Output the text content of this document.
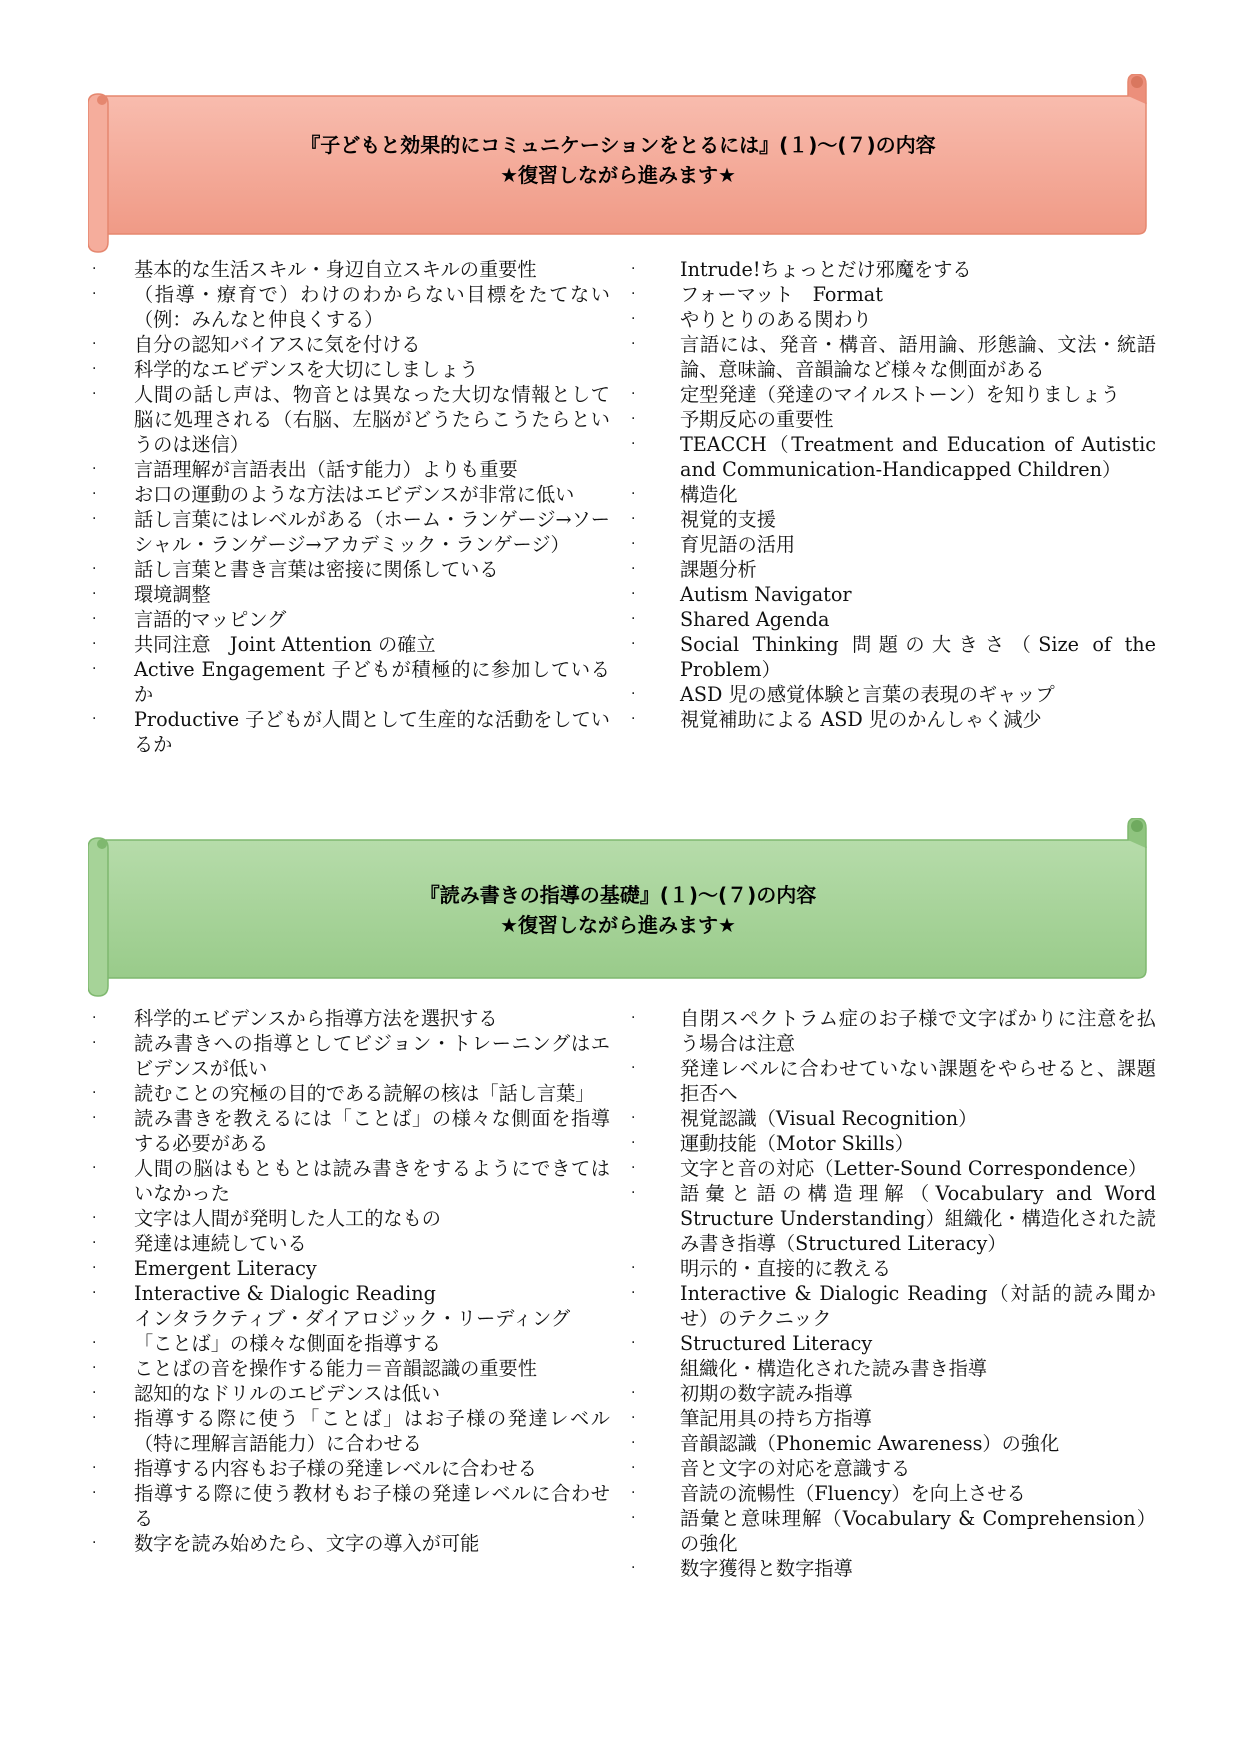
『子どもと効果的にコミュニケーションをとるには』(１)～(７)の内容
★復習しながら進みます★
· 基本的な生活スキル・身辺自立スキルの重要性
· （指導・療育で）わけのわからない目標をたてない（例：みんなと仲良くする）
· 自分の認知バイアスに気を付ける
· 科学的なエビデンスを大切にしましょう
· 人間の話し声は、物音とは異なった大切な情報として脳に処理される（右脳、左脳がどうたらこうたらというのは迷信）
· 言語理解が言語表出（話す能力）よりも重要
· お口の運動のような方法はエビデンスが非常に低い
· 話し言葉にはレベルがある（ホーム・ランゲージ→ソーシャル・ランゲージ→アカデミック・ランゲージ）
· 話し言葉と書き言葉は密接に関係している
· 環境調整
· 言語的マッピング
· 共同注意　Joint Attention の確立
· Active Engagement 子どもが積極的に参加しているか
· Productive 子どもが人間として生産的な活動をしているか
· Intrude!ちょっとだけ邪魔をする
· フォーマット　Format
· やりとりのある関わり
· 言語には、発音・構音、語用論、形態論、文法・統語論、意味論、音韻論など様々な側面がある
· 定型発達（発達のマイルストーン）を知りましょう
· 予期反応の重要性
· TEACCH（Treatment and Education of Autistic and Communication-Handicapped Children）
· 構造化
· 視覚的支援
· 育児語の活用
· 課題分析
· Autism Navigator
· Shared Agenda
· Social Thinking 問題の大きさ（Size of the Problem）
· ASD 児の感覚体験と言葉の表現のギャップ
· 視覚補助による ASD 児のかんしゃく減少
『読み書きの指導の基礎』(１)～(７)の内容
★復習しながら進みます★
· 科学的エビデンスから指導方法を選択する
· 読み書きへの指導としてビジョン・トレーニングはエビデンスが低い
· 読むことの究極の目的である読解の核は「話し言葉」
· 読み書きを教えるには「ことば」の様々な側面を指導する必要がある
· 人間の脳はもともとは読み書きをするようにできてはいなかった
· 文字は人間が発明した人工的なもの
· 発達は連続している
· Emergent Literacy
· Interactive & Dialogic Reading
インタラクティブ・ダイアロジック・リーディング
· 「ことば」の様々な側面を指導する
· ことばの音を操作する能力＝音韻認識の重要性
· 認知的なドリルのエビデンスは低い
· 指導する際に使う「ことば」はお子様の発達レベル（特に理解言語能力）に合わせる
· 指導する内容もお子様の発達レベルに合わせる
· 指導する際に使う教材もお子様の発達レベルに合わせる
· 数字を読み始めたら、文字の導入が可能
· 自閉スペクトラム症のお子様で文字ばかりに注意を払う場合は注意
· 発達レベルに合わせていない課題をやらせると、課題拒否へ
· 視覚認識（Visual Recognition）
· 運動技能（Motor Skills）
· 文字と音の対応（Letter-Sound Correspondence）
· 語彙と語の構造理解（Vocabulary and Word Structure Understanding）組織化・構造化された読み書き指導（Structured Literacy）
· 明示的・直接的に教える
· Interactive & Dialogic Reading（対話的読み聞かせ）のテクニック
· Structured Literacy
組織化・構造化された読み書き指導
· 初期の数字読み指導
· 筆記用具の持ち方指導
· 音韻認識（Phonemic Awareness）の強化
· 音と文字の対応を意識する
· 音読の流暢性（Fluency）を向上させる
· 語彙と意味理解（Vocabulary & Comprehension）の強化
· 数字獲得と数字指導
